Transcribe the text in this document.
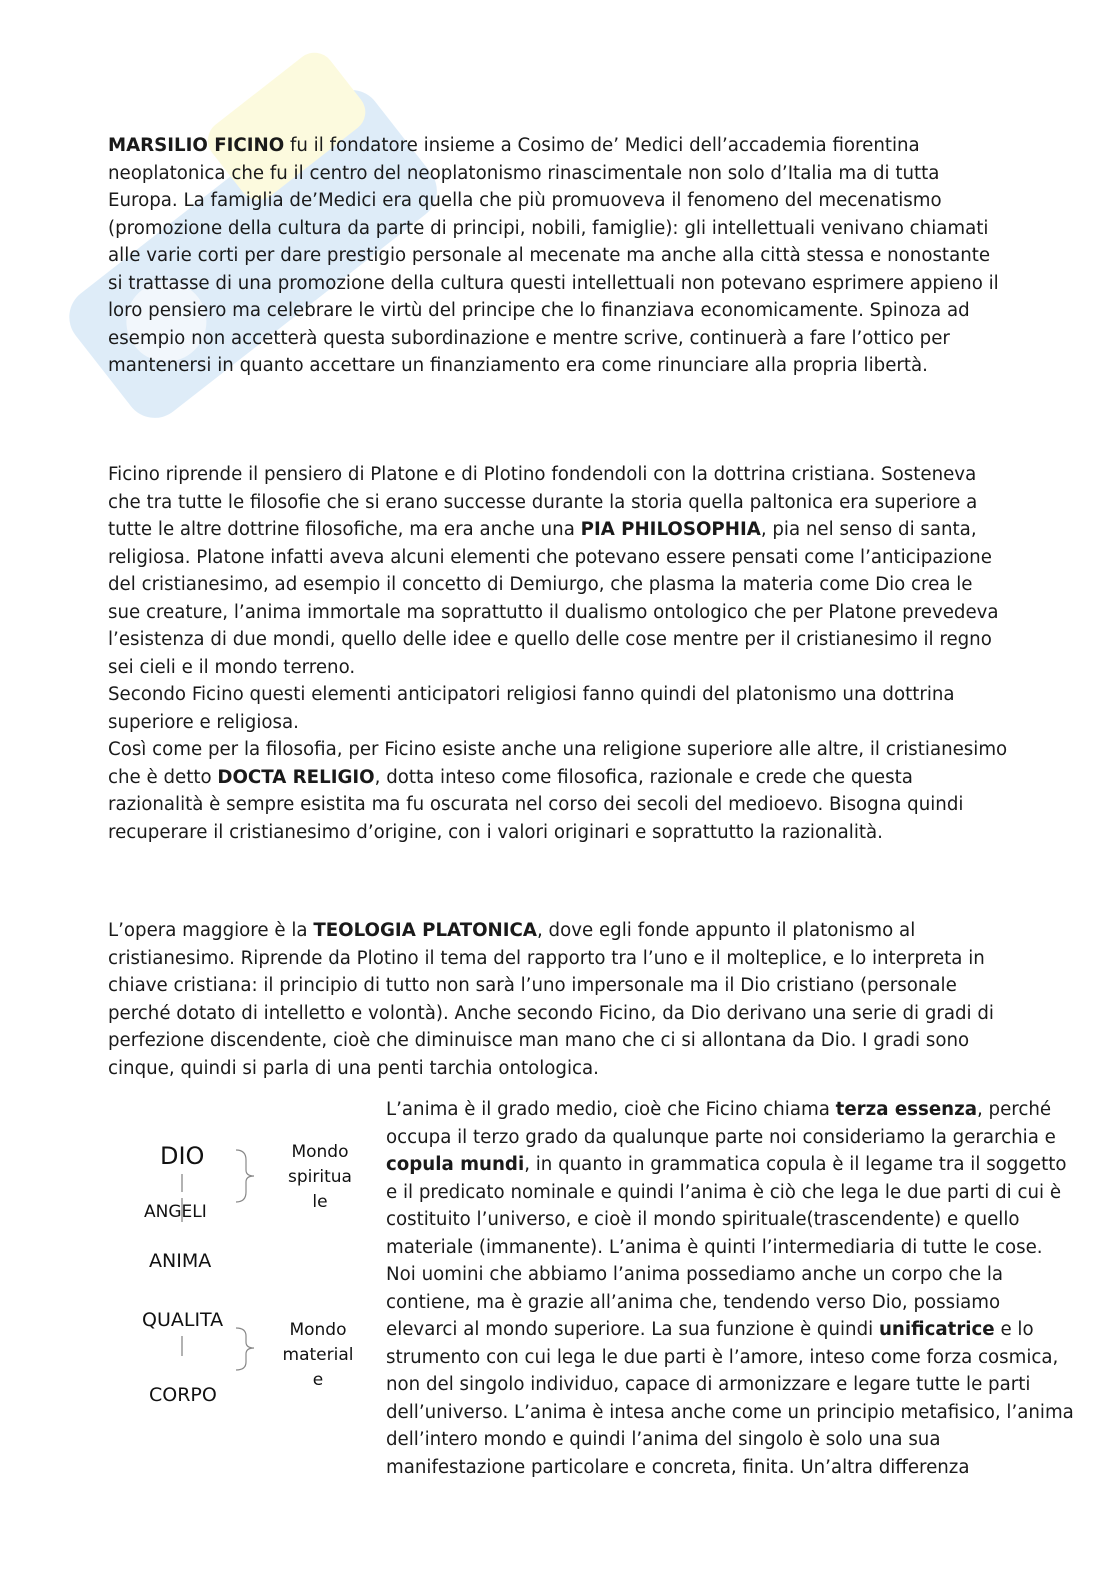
MARSILIO FICINO fu il fondatore insieme a Cosimo de’ Medici dell’accademia fiorentina neoplatonica che fu il centro del neoplatonismo rinascimentale non solo d’Italia ma di tutta Europa. La famiglia de’Medici era quella che più promuoveva il fenomeno del mecenatismo (promozione della cultura da parte di principi, nobili, famiglie): gli intellettuali venivano chiamati alle varie corti per dare prestigio personale al mecenate ma anche alla città stessa e nonostante si trattasse di una promozione della cultura questi intellettuali non potevano esprimere appieno il loro pensiero ma celebrare le virtù del principe che lo finanziava economicamente. Spinoza ad esempio non accetterà questa subordinazione e mentre scrive, continuerà a fare l’ottico per mantenersi in quanto accettare un finanziamento era come rinunciare alla propria libertà.

Ficino riprende il pensiero di Platone e di Plotino fondendoli con la dottrina cristiana. Sosteneva che tra tutte le filosofie che si erano successe durante la storia quella paltonica era superiore a tutte le altre dottrine filosofiche, ma era anche una PIA PHILOSOPHIA, pia nel senso di santa, religiosa. Platone infatti aveva alcuni elementi che potevano essere pensati come l’anticipazione del cristianesimo, ad esempio il concetto di Demiurgo, che plasma la materia come Dio crea le sue creature, l’anima immortale ma soprattutto il dualismo ontologico che per Platone prevedeva l’esistenza di due mondi, quello delle idee e quello delle cose mentre per il cristianesimo il regno sei cieli e il mondo terreno.
Secondo Ficino questi elementi anticipatori religiosi fanno quindi del platonismo una dottrina superiore e religiosa.
Così come per la filosofia, per Ficino esiste anche una religione superiore alle altre, il cristianesimo che è detto DOCTA RELIGIO, dotta inteso come filosofica, razionale e crede che questa razionalità è sempre esistita ma fu oscurata nel corso dei secoli del medioevo. Bisogna quindi recuperare il cristianesimo d’origine, con i valori originari e soprattutto la razionalità.

L’opera maggiore è la TEOLOGIA PLATONICA, dove egli fonde appunto il platonismo al cristianesimo. Riprende da Plotino il tema del rapporto tra l’uno e il molteplice, e lo interpreta in chiave cristiana: il principio di tutto non sarà l’uno impersonale ma il Dio cristiano (personale perché dotato di intelletto e volontà). Anche secondo Ficino, da Dio derivano una serie di gradi di perfezione discendente, cioè che diminuisce man mano che ci si allontana da Dio. I gradi sono cinque, quindi si parla di una penti tarchia ontologica.

L’anima è il grado medio, cioè che Ficino chiama terza essenza, perché occupa il terzo grado da qualunque parte noi consideriamo la gerarchia e copula mundi, in quanto in grammatica copula è il legame tra il soggetto e il predicato nominale e quindi l’anima è ciò che lega le due parti di cui è costituito l’universo, e cioè il mondo spirituale(trascendente) e quello materiale (immanente). L’anima è quinti l’intermediaria di tutte le cose. Noi uomini che abbiamo l’anima possediamo anche un corpo che la contiene, ma è grazie all’anima che, tendendo verso Dio, possiamo elevarci al mondo superiore. La sua funzione è quindi unificatrice e lo strumento con cui lega le due parti è l’amore, inteso come forza cosmica, non del singolo individuo, capace di armonizzare e legare tutte le parti dell’universo. L’anima è intesa anche come un principio metafisico, l’anima dell’intero mondo e quindi l’anima del singolo è solo una sua manifestazione particolare e concreta, finita. Un’altra differenza

DIO
ANGELI
ANIMA
QUALITA
CORPO
Mondo
spiritua
le
Mondo
material
e
